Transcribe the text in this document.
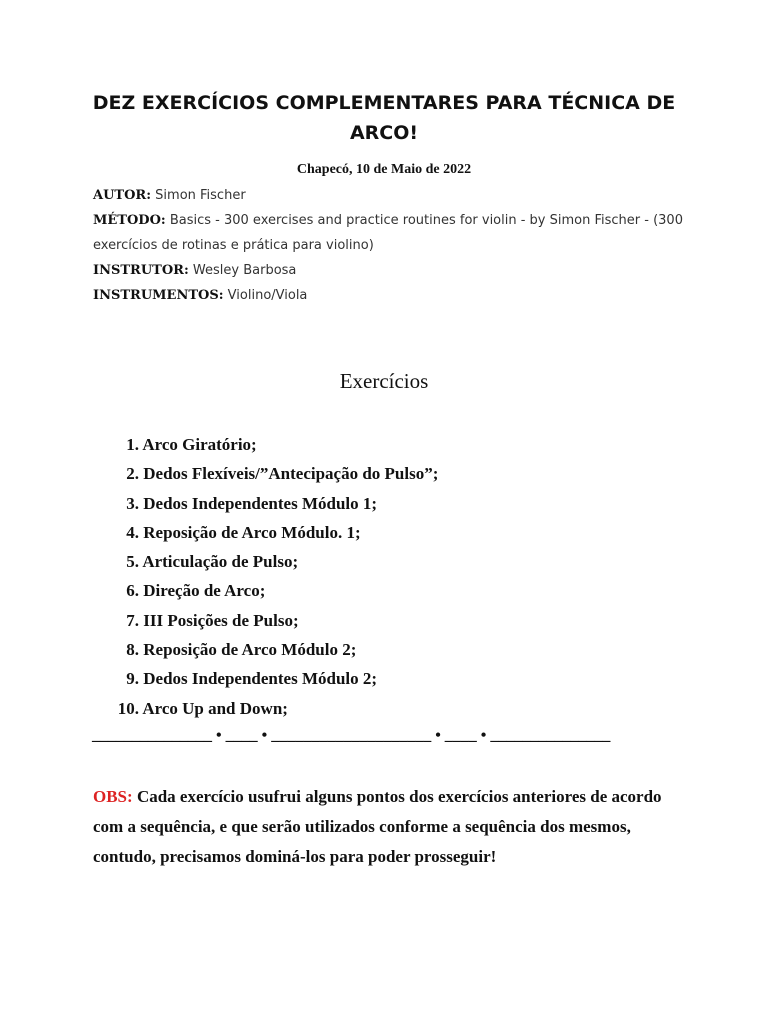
DEZ EXERCÍCIOS COMPLEMENTARES PARA TÉCNICA DE ARCO!
Chapecó, 10 de Maio de 2022
AUTOR: Simon Fischer
MÉTODO: Basics - 300 exercises and practice routines for violin - by Simon Fischer - (300 exercícios de rotinas e prática para violino)
INSTRUTOR: Wesley Barbosa
INSTRUMENTOS: Violino/Viola
Exercícios
1. Arco Giratório;
2. Dedos Flexíveis/”Antecipação do Pulso”;
3. Dedos Independentes Módulo 1;
4. Reposição de Arco Módulo. 1;
5. Articulação de Pulso;
6. Direção de Arco;
7. III Posições de Pulso;
8. Reposição de Arco Módulo 2;
9. Dedos Independentes Módulo 2;
10. Arco Up and Down;
_______________ • ____ • ____________________ • ____ • _______________
OBS: Cada exercício usufrui alguns pontos dos exercícios anteriores de acordo com a sequência, e que serão utilizados conforme a sequência dos mesmos, contudo, precisamos dominá-los para poder prosseguir!
